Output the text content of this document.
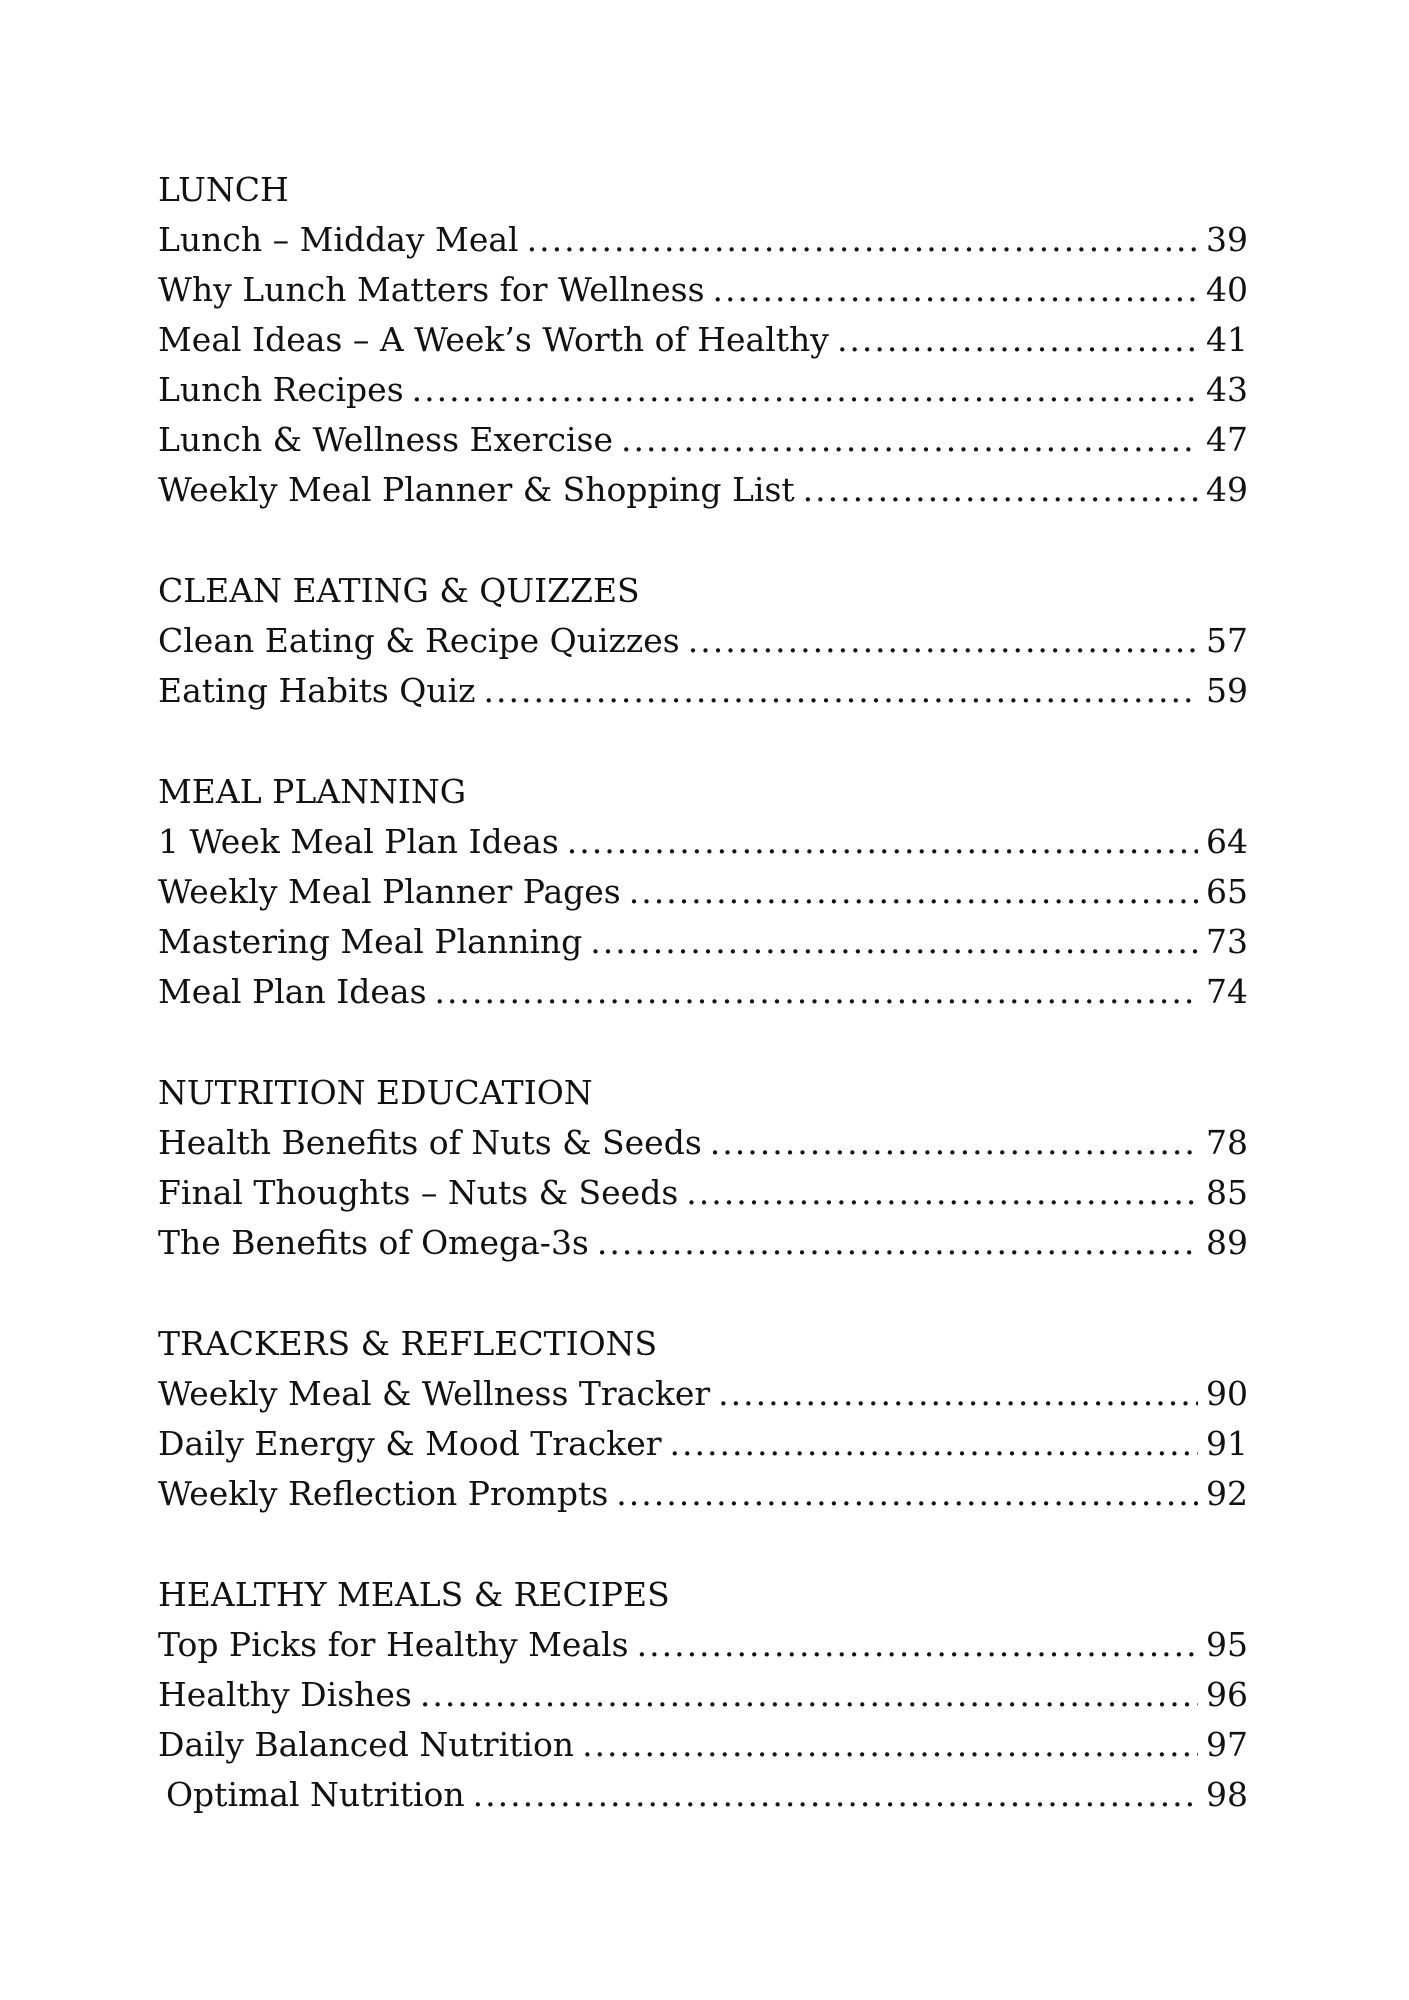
LUNCH
Lunch – Midday Meal .....	39
Why Lunch Matters for Wellness .....	40
Meal Ideas – A Week’s Worth of Healthy .....	41
Lunch Recipes .....	43
Lunch & Wellness Exercise .....	47
Weekly Meal Planner & Shopping List .....	49
CLEAN EATING & QUIZZES
Clean Eating & Recipe Quizzes .....	57
Eating Habits Quiz .....	59
MEAL PLANNING
1 Week Meal Plan Ideas .....	64
Weekly Meal Planner Pages .....	65
Mastering Meal Planning .....	73
Meal Plan Ideas .....	74
NUTRITION EDUCATION
Health Benefits of Nuts & Seeds .....	78
Final Thoughts – Nuts & Seeds .....	85
The Benefits of Omega-3s .....	89
TRACKERS & REFLECTIONS
Weekly Meal & Wellness Tracker .....	90
Daily Energy & Mood Tracker .....	91
Weekly Reflection Prompts .....	92
HEALTHY MEALS & RECIPES
Top Picks for Healthy Meals .....	95
Healthy Dishes .....	96
Daily Balanced Nutrition .....	97
Optimal Nutrition .....	98
